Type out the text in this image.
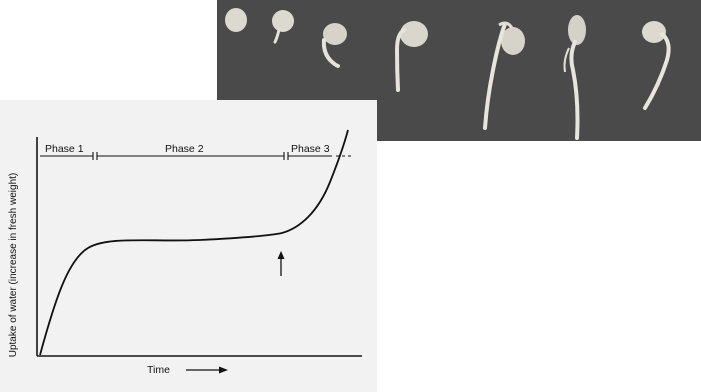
Uptake of water (increase in fresh weight)
Phase 1	Phase 2	Phase 3
Time
